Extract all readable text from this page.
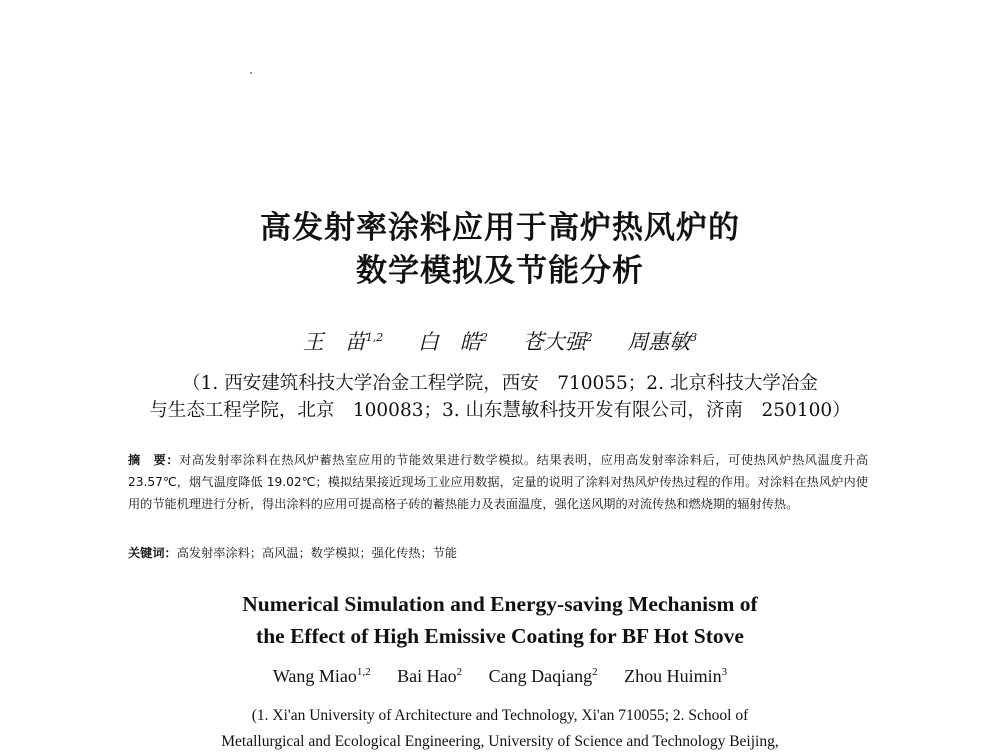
高发射率涂料应用于高炉热风炉的
数学模拟及节能分析
王　苗$^{1,2}$ 白　皓$^2$ 苍大强$^2$ 周惠敏$^3$
（1. 西安建筑科技大学冶金工程学院，西安　710055；2. 北京科技大学冶金
与生态工程学院，北京　100083；3. 山东慧敏科技开发有限公司，济南　250100）
摘　要：对高发射率涂料在热风炉蓄热室应用的节能效果进行数学模拟。结果表明，应用高发射率涂料后，可使热风炉热风温度升高 23.57℃，烟气温度降低 19.02℃；模拟结果接近现场工业应用数据，定量的说明了涂料对热风炉传热过程的作用。对涂料在热风炉内使用的节能机理进行分析，得出涂料的应用可提高格子砖的蓄热能力及表面温度，强化送风期的对流传热和燃烧期的辐射传热。
关键词：高发射率涂料；高风温；数学模拟；强化传热；节能
Numerical Simulation and Energy-saving Mechanism of
the Effect of High Emissive Coating for BF Hot Stove
Wang Miao$^{1,2}$ Bai Hao$^2$ Cang Daqiang$^2$ Zhou Huimin$^3$
(1. Xi'an University of Architecture and Technology, Xi'an 710055; 2. School of
Metallurgical and Ecological Engineering, University of Science and Technology Beijing,
